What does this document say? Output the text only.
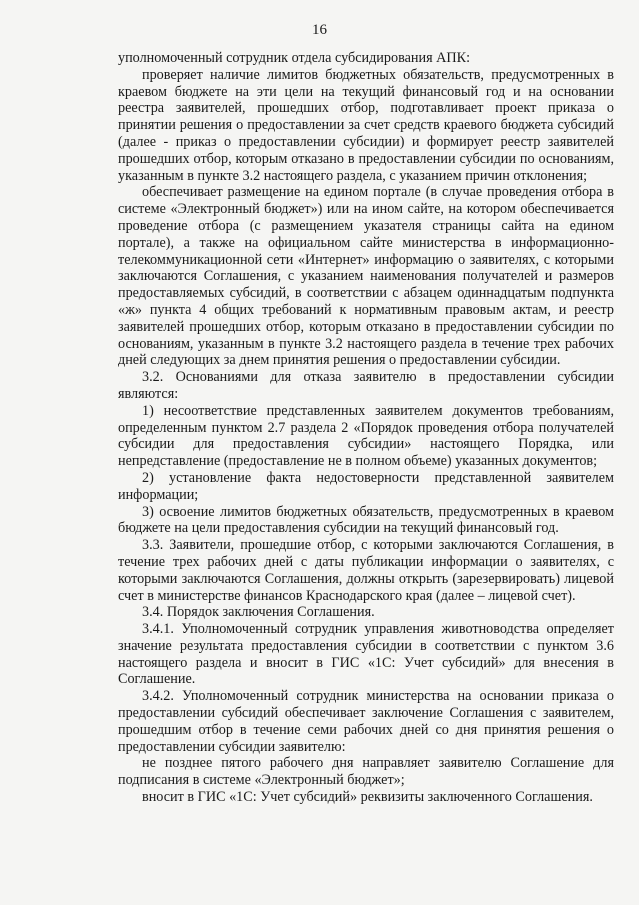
16

уполномоченный сотрудник отдела субсидирования АПК:

проверяет наличие лимитов бюджетных обязательств, предусмотренных в краевом бюджете на эти цели на текущий финансовый год и на основании реестра заявителей, прошедших отбор, подготавливает проект приказа о принятии решения о предоставлении за счет средств краевого бюджета субсидий (далее - приказ о предоставлении субсидии) и формирует реестр заявителей прошедших отбор, которым отказано в предоставлении субсидии по основаниям, указанным в пункте 3.2 настоящего раздела, с указанием причин отклонения;

обеспечивает размещение на едином портале (в случае проведения отбора в системе «Электронный бюджет») или на ином сайте, на котором обеспечивается проведение отбора (с размещением указателя страницы сайта на едином портале), а также на официальном сайте министерства в информационно-телекоммуникационной сети «Интернет» информацию о заявителях, с которыми заключаются Соглашения, с указанием наименования получателей и размеров предоставляемых субсидий, в соответствии с абзацем одиннадцатым подпункта «ж» пункта 4 общих требований к нормативным правовым актам, и реестр заявителей прошедших отбор, которым отказано в предоставлении субсидии по основаниям, указанным в пункте 3.2 настоящего раздела в течение трех рабочих дней следующих за днем принятия решения о предоставлении субсидии.

3.2. Основаниями для отказа заявителю в предоставлении субсидии являются:

1) несоответствие представленных заявителем документов требованиям, определенным пунктом 2.7 раздела 2 «Порядок проведения отбора получателей субсидии для предоставления субсидии» настоящего Порядка, или непредставление (предоставление не в полном объеме) указанных документов;

2) установление факта недостоверности представленной заявителем информации;

3) освоение лимитов бюджетных обязательств, предусмотренных в краевом бюджете на цели предоставления субсидии на текущий финансовый год.

3.3. Заявители, прошедшие отбор, с которыми заключаются Соглашения, в течение трех рабочих дней с даты публикации информации о заявителях, с которыми заключаются Соглашения, должны открыть (зарезервировать) лицевой счет в министерстве финансов Краснодарского края (далее – лицевой счет).

3.4. Порядок заключения Соглашения.

3.4.1. Уполномоченный сотрудник управления животноводства определяет значение результата предоставления субсидии в соответствии с пунктом 3.6 настоящего раздела и вносит в ГИС «1С: Учет субсидий» для внесения в Соглашение.

3.4.2. Уполномоченный сотрудник министерства на основании приказа о предоставлении субсидий обеспечивает заключение Соглашения с заявителем, прошедшим отбор в течение семи рабочих дней со дня принятия решения о предоставлении субсидии заявителю:

не позднее пятого рабочего дня направляет заявителю Соглашение для подписания в системе «Электронный бюджет»;

вносит в ГИС «1С: Учет субсидий» реквизиты заключенного Соглашения.
